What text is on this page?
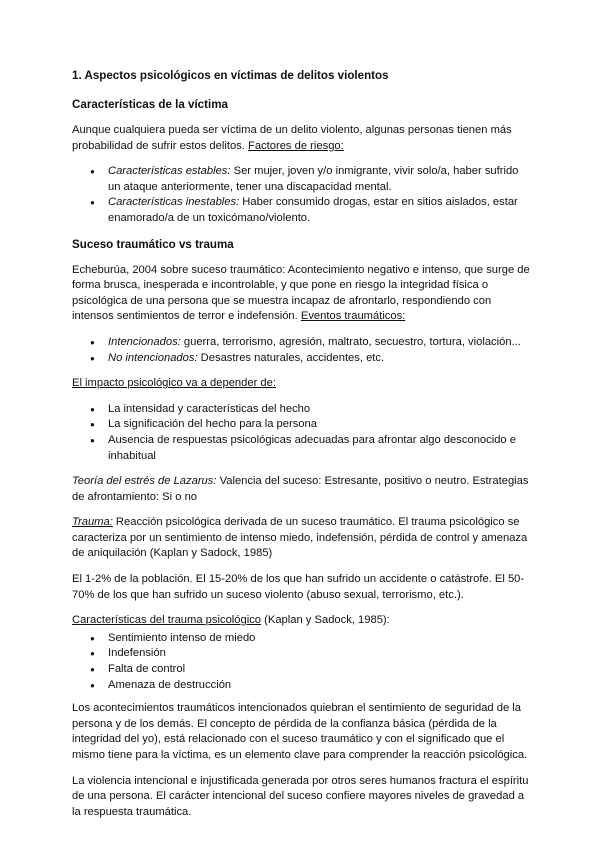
1. Aspectos psicológicos en víctimas de delitos violentos
Características de la víctima

Aunque cualquiera pueda ser víctima de un delito violento, algunas personas tienen más probabilidad de sufrir estos delitos. Factores de riesgo:

● Características estables: Ser mujer, joven y/o inmigrante, vivir solo/a, haber sufrido un ataque anteriormente, tener una discapacidad mental.
● Características inestables: Haber consumido drogas, estar en sitios aislados, estar enamorado/a de un toxicómano/violento.
Suceso traumático vs trauma

Echeburúa, 2004 sobre suceso traumático: Acontecimiento negativo e intenso, que surge de forma brusca, inesperada e incontrolable, y que pone en riesgo la integridad física o psicológica de una persona que se muestra incapaz de afrontarlo, respondiendo con intensos sentimientos de terror e indefensión. Eventos traumáticos:

● Intencionados: guerra, terrorismo, agresión, maltrato, secuestro, tortura, violación...
● No intencionados: Desastres naturales, accidentes, etc.

El impacto psicológico va a depender de:

● La intensidad y características del hecho
● La significación del hecho para la persona
● Ausencia de respuestas psicológicas adecuadas para afrontar algo desconocido e inhabitual

Teoría del estrés de Lazarus: Valencia del suceso: Estresante, positivo o neutro. Estrategias de afrontamiento: Si o no

Trauma: Reacción psicológica derivada de un suceso traumático. El trauma psicológico se caracteriza por un sentimiento de intenso miedo, indefensión, pérdida de control y amenaza de aniquilación (Kaplan y Sadock, 1985)

El 1-2% de la población. El 15-20% de los que han sufrido un accidente o catástrofe. El 50-70% de los que han sufrido un suceso violento (abuso sexual, terrorismo, etc.).

Características del trauma psicológico (Kaplan y Sadock, 1985):

● Sentimiento intenso de miedo
● Indefensión
● Falta de control
● Amenaza de destrucción

Los acontecimientos traumáticos intencionados quiebran el sentimiento de seguridad de la persona y de los demás. El concepto de pérdida de la confianza básica (pérdida de la integridad del yo), está relacionado con el suceso traumático y con el significado que el mismo tiene para la víctima, es un elemento clave para comprender la reacción psicológica.

La violencia intencional e injustificada generada por otros seres humanos fractura el espíritu de una persona. El carácter intencional del suceso confiere mayores niveles de gravedad a la respuesta traumática.
